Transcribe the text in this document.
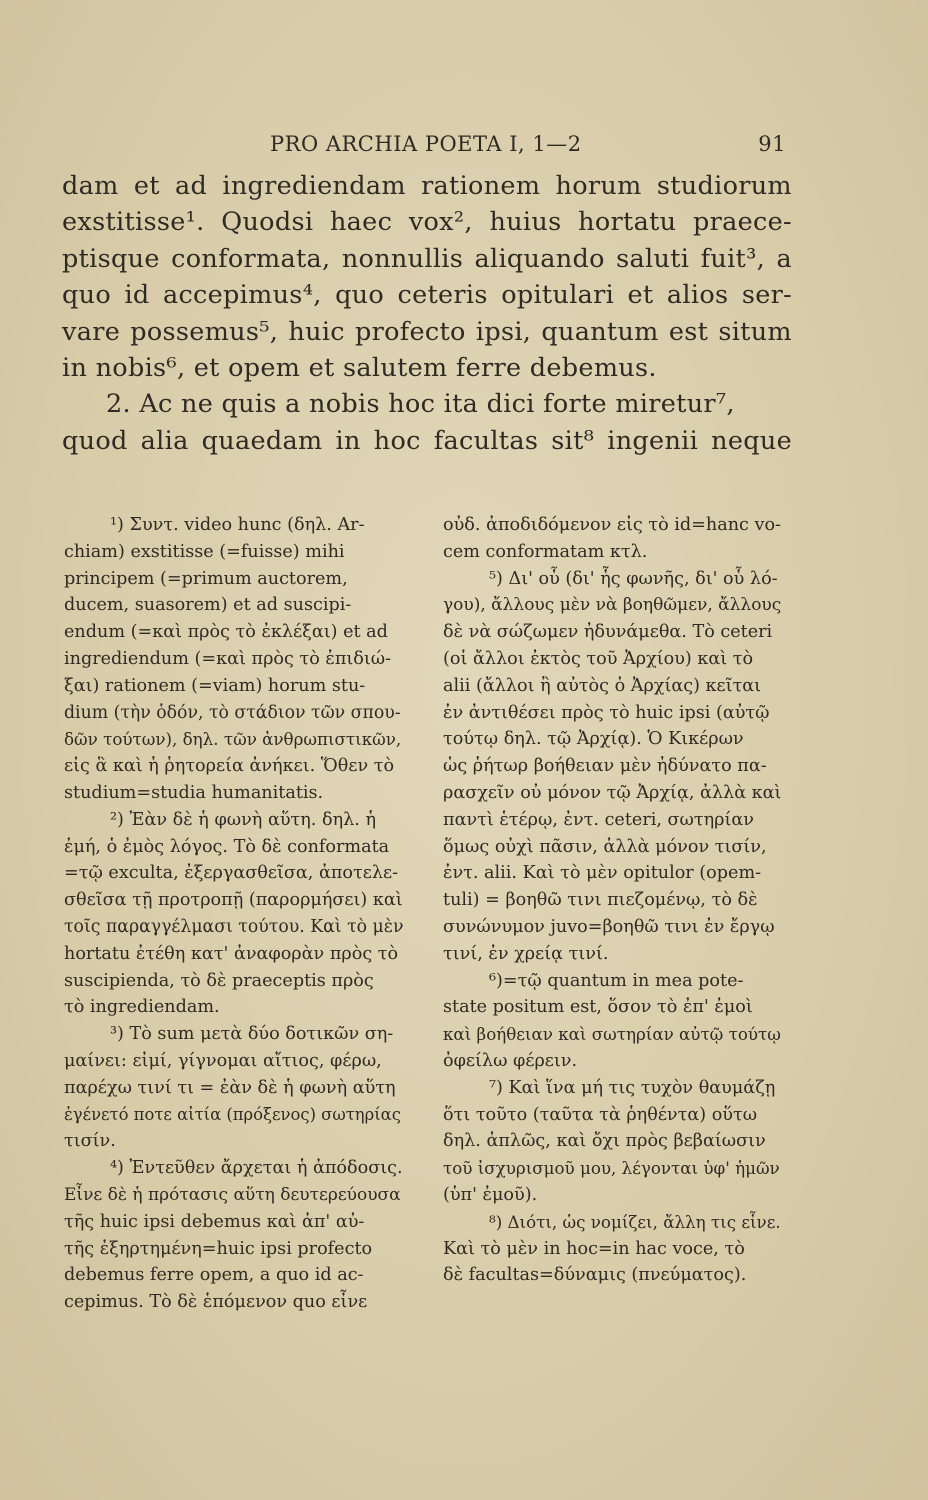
PRO ARCHIA POETA I, 1—2	91
dam et ad ingrediendam rationem horum studiorum
exstitisse¹. Quodsi haec vox², huius hortatu praece-
ptisque conformata, nonnullis aliquando saluti fuit³, a
quo id accepimus⁴, quo ceteris opitulari et alios ser-
vare possemus⁵, huic profecto ipsi, quantum est situm
in nobis⁶, et opem et salutem ferre debemus.
2. Ac ne quis a nobis hoc ita dici forte miretur⁷,
quod alia quaedam in hoc facultas sit⁸ ingenii neque
¹) Συντ. video hunc (δηλ. Ar-
chiam) exstitisse (=fuisse) mihi
principem (=primum auctorem,
ducem, suasorem) et ad suscipi-
endum (=καὶ πρὸς τὸ ἐκλέξαι) et ad
ingrediendum (=καὶ πρὸς τὸ ἐπιδιώ-
ξαι) rationem (=viam) horum stu-
dium (τὴν ὁδόν, τὸ στάδιον τῶν σπου-
δῶν τούτων), δηλ. τῶν ἀνθρωπιστικῶν,
εἰς ἃ καὶ ἡ ῥητορεία ἀνήκει. Ὅθεν τὸ
studium=studia humanitatis.
²) Ἐὰν δὲ ἡ φωνὴ αὕτη. δηλ. ἡ
ἐμή, ὁ ἐμὸς λόγος. Τὸ δὲ conformata
=τῷ exculta, ἐξεργασθεῖσα, ἀποτελε-
σθεῖσα τῇ προτροπῇ (παρορμήσει) καὶ
τοῖς παραγγέλμασι τούτου. Καὶ τὸ μὲν
hortatu ἐτέθη κατ' ἀναφορὰν πρὸς τὸ
suscipienda, τὸ δὲ praeceptis πρὸς
τὸ ingrediendam.
³) Τὸ sum μετὰ δύο δοτικῶν ση-
μαίνει: εἰμί, γίγνομαι αἴτιος, φέρω,
παρέχω τινί τι = ἐὰν δὲ ἡ φωνὴ αὕτη
ἐγένετό ποτε αἰτία (πρόξενος) σωτηρίας
τισίν.
⁴) Ἐντεῦθεν ἄρχεται ἡ ἀπόδοσις.
Εἶνε δὲ ἡ πρότασις αὕτη δευτερεύουσα
τῆς huic ipsi debemus καὶ ἀπ' αὐ-
τῆς ἐξηρτημένη=huic ipsi profecto
debemus ferre opem, a quo id ac-
cepimus. Τὸ δὲ ἑπόμενον quo εἶνε
οὐδ. ἀποδιδόμενον εἰς τὸ id=hanc vo-
cem conformatam κτλ.
⁵) Δι' οὗ (δι' ἧς φωνῆς, δι' οὗ λό-
γου), ἄλλους μὲν νὰ βοηθῶμεν, ἄλλους
δὲ νὰ σώζωμεν ἠδυνάμεθα. Τὸ ceteri
(οἱ ἄλλοι ἐκτὸς τοῦ Ἀρχίου) καὶ τὸ
alii (ἄλλοι ἢ αὐτὸς ὁ Ἀρχίας) κεῖται
ἐν ἀντιθέσει πρὸς τὸ huic ipsi (αὐτῷ
τούτῳ δηλ. τῷ Ἀρχίᾳ). Ὁ Κικέρων
ὡς ῥήτωρ βοήθειαν μὲν ἠδύνατο πα-
ρασχεῖν οὐ μόνον τῷ Ἀρχίᾳ, ἀλλὰ καὶ
παντὶ ἑτέρῳ, ἐντ. ceteri, σωτηρίαν
ὅμως οὐχὶ πᾶσιν, ἀλλὰ μόνον τισίν,
ἐντ. alii. Καὶ τὸ μὲν opitulor (opem-
tuli) = βοηθῶ τινι πιεζομένῳ, τὸ δὲ
συνώνυμον juvo=βοηθῶ τινι ἐν ἔργῳ
τινί, ἐν χρείᾳ τινί.
⁶)=τῷ quantum in mea pote-
state positum est, ὅσον τὸ ἐπ' ἐμοὶ
καὶ βοήθειαν καὶ σωτηρίαν αὐτῷ τούτῳ
ὀφείλω φέρειν.
⁷) Καὶ ἵνα μή τις τυχὸν θαυμάζῃ
ὅτι τοῦτο (ταῦτα τὰ ῥηθέντα) οὕτω
δηλ. ἁπλῶς, καὶ ὄχι πρὸς βεβαίωσιν
τοῦ ἰσχυρισμοῦ μου, λέγονται ὑφ' ἡμῶν
(ὑπ' ἐμοῦ).
⁸) Διότι, ὡς νομίζει, ἄλλη τις εἶνε.
Καὶ τὸ μὲν in hoc=in hac voce, τὸ
δὲ facultas=δύναμις (πνεύματος).
